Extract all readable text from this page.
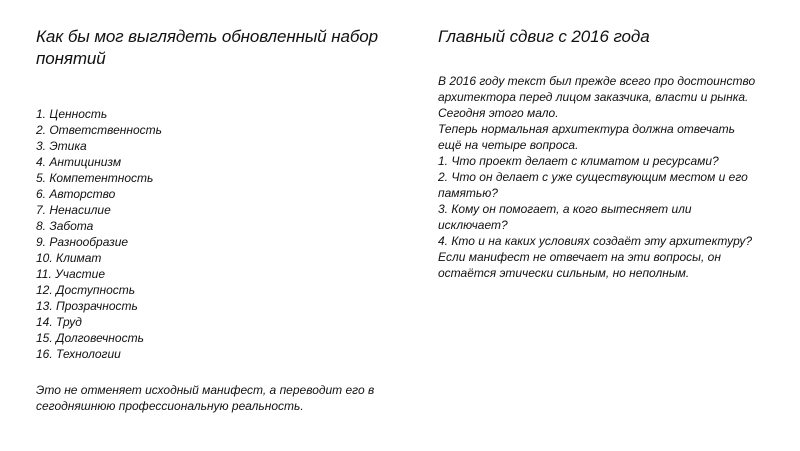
Как бы мог выглядеть обновленный набор понятий
1. Ценность
2. Ответственность
3. Этика
4. Антицинизм
5. Компетентность
6. Авторство
7. Ненасилие
8. Забота
9. Разнообразие
10. Климат
11. Участие
12. Доступность
13. Прозрачность
14. Труд
15. Долговечность
16. Технологии

Это не отменяет исходный манифест, а переводит его в сегодняшнюю профессиональную реальность.

Главный сдвиг с 2016 года
В 2016 году текст был прежде всего про достоинство
архитектора перед лицом заказчика, власти и рынка.
Сегодня этого мало.
Теперь нормальная архитектура должна отвечать
ещё на четыре вопроса.
1. Что проект делает с климатом и ресурсами?
2. Что он делает с уже существующим местом и его
памятью?
3. Кому он помогает, а кого вытесняет или
исключает?
4. Кто и на каких условиях создаёт эту архитектуру?
Если манифест не отвечает на эти вопросы, он
остаётся этически сильным, но неполным.
